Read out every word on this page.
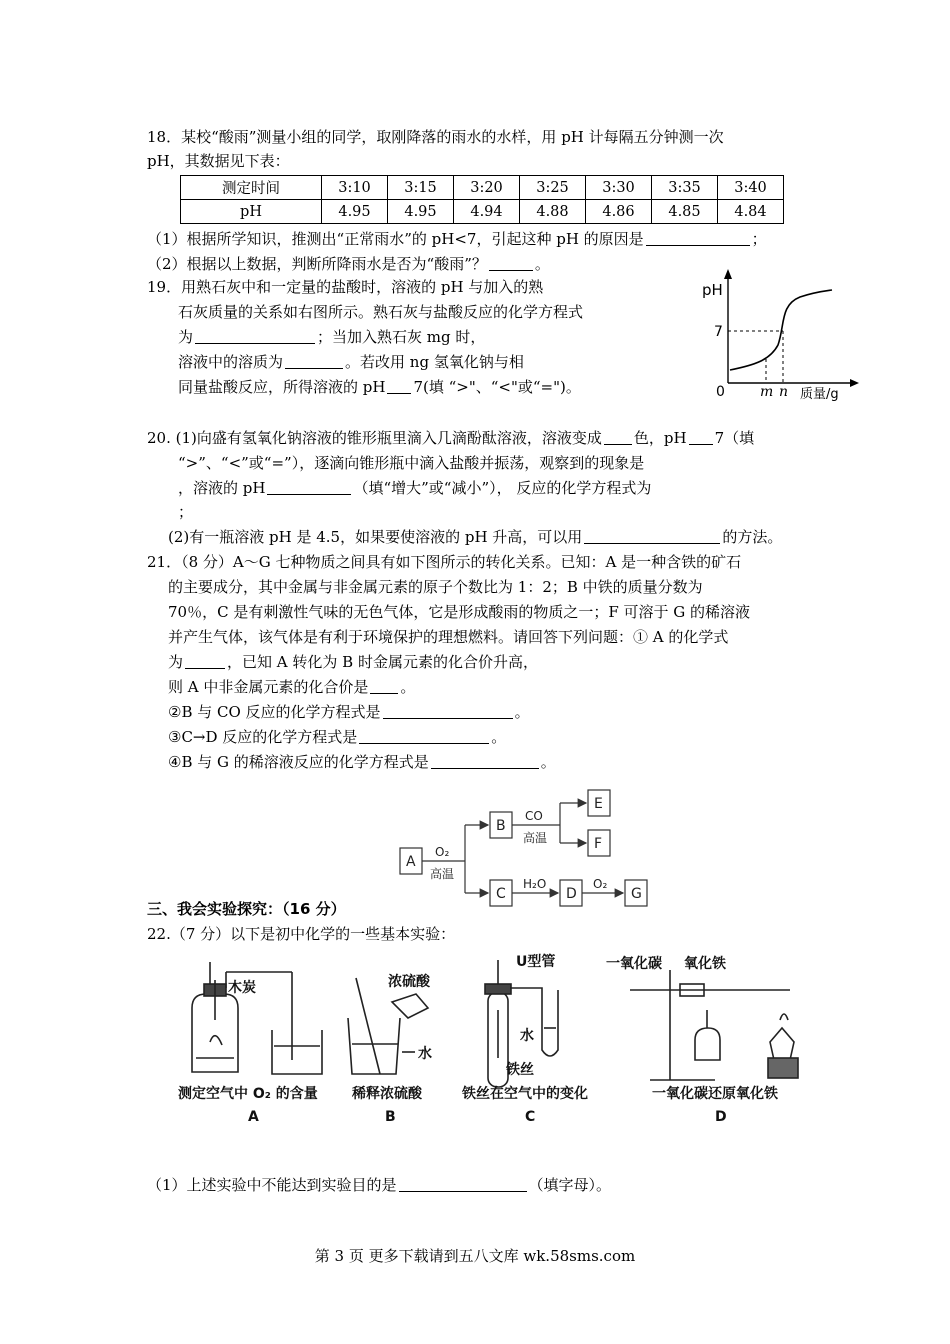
18．某校“酸雨”测量小组的同学，取刚降落的雨水的水样，用 pH 计每隔五分钟测一次
pH，其数据见下表：
测定时间	3:10	3:15	3:20	3:25	3:30	3:35	3:40
pH	4.95	4.95	4.94	4.88	4.86	4.85	4.84
（1）根据所学知识，推测出“正常雨水”的 pH<7，引起这种 pH 的原因是	；
（2）根据以上数据，判断所降雨水是否为“酸雨”？	。
19．用熟石灰中和一定量的盐酸时，溶液的 pH 与加入的熟
石灰质量的关系如右图所示。熟石灰与盐酸反应的化学方程式
为	；当加入熟石灰 mg 时，
溶液中的溶质为	。若改用 ng 氢氧化钠与相
同量盐酸反应，所得溶液的 pH 7(填 “>"、“<"或“=")。
pH
7
0	m n 质量/g
20. (1)向盛有氢氧化钠溶液的锥形瓶里滴入几滴酚酞溶液，溶液变成 色，pH 7（填
“>”、“<”或“=”），逐滴向锥形瓶中滴入盐酸并振荡，观察到的现象是
，溶液的 pH	（填“增大”或“减小”）， 反应的化学方程式为
；
(2)有一瓶溶液 pH 是 4.5，如果要使溶液的 pH 升高，可以用	的方法。
21．（8 分）A～G 七种物质之间具有如下图所示的转化关系。已知：A 是一种含铁的矿石
的主要成分，其中金属与非金属元素的原子个数比为 1：2；B 中铁的质量分数为
70％，C 是有刺激性气味的无色气体，它是形成酸雨的物质之一；F 可溶于 G 的稀溶液
并产生气体，该气体是有利于环境保护的理想燃料。请回答下列问题：① A 的化学式
为	，已知 A 转化为 B 时金属元素的化合价升高，
则 A 中非金属元素的化合价是 。
②B 与 CO 反应的化学方程式是	。
③C→D 反应的化学方程式是	。
④B 与 G 的稀溶液反应的化学方程式是	。
A
B
C	D
E
F
G
O₂
高温
CO
高温
H₂O	O₂
三、我会实验探究：（16 分）
22.（7 分）以下是初中化学的一些基本实验：
木炭	浓硫酸
水
U型管
水
铁丝
一氧化碳 氧化铁
测定空气中 O₂ 的含量
A
稀释浓硫酸
B
铁丝在空气中的变化
C
一氧化碳还原氧化铁
D
（1）上述实验中不能达到实验目的是	（填字母）。
第 3 页 更多下载请到五八文库 wk.58sms.com
